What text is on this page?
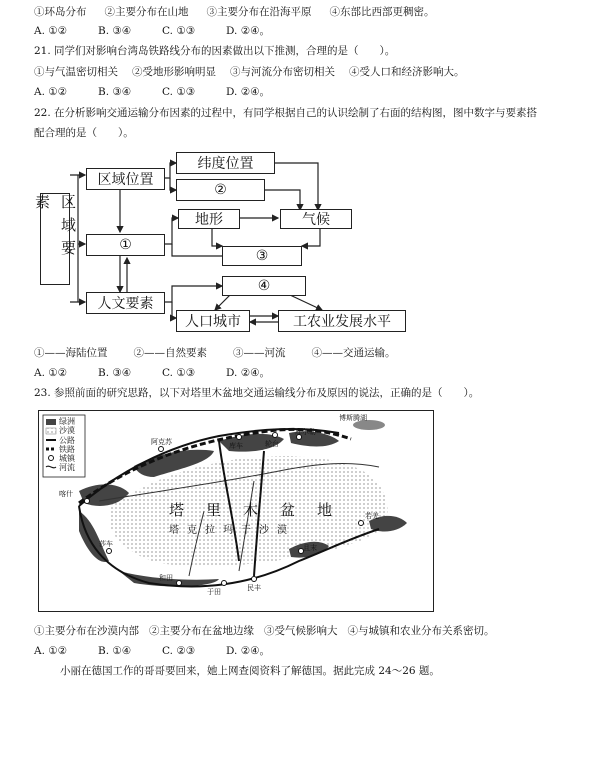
①环岛分布 ②主要分布在山地 ③主要分布在沿海平原 ④东部比西部更稠密。
A. ①②	B. ③④	C. ①③	D. ②④。
21. 同学们对影响台湾岛铁路线分布的因素做出以下推测，合理的是（　　）。
①与气温密切相关 ②受地形影响明显 ③与河流分布密切相关 ④受人口和经济影响大。
A. ①②	B. ③④	C. ①③	D. ②④。
22. 在分析影响交通运输分布因素的过程中，有同学根据自己的认识绘制了右面的结构图，图中数字与要素搭
配合理的是（　　）。
区域要素
区域位置
纬度位置
②
①
地形	气候
③
④
人文要素
人口城市	工农业发展水平
①——海陆位置 ②——自然要素 ③——河流 ④——交通运输。
A. ①②	B. ③④	C. ①③	D. ②④。
23. 参照前面的研究思路，以下对塔里木盆地交通运输线分布及原因的说法，正确的是（　　）。
绿洲
沙漠
公路
铁路
城镇
河流
塔里木盆地
塔克拉玛干沙漠
博斯腾湖
阿克苏	库车
库尔勒
轮台
喀什
莎车
和田
于田	民丰
且末
若羌
①主要分布在沙漠内部 ②主要分布在盆地边缘 ③受气候影响大 ④与城镇和农业分布关系密切。
A. ①②	B. ①④	C. ②③	D. ②④。
小丽在德国工作的哥哥要回来，她上网查阅资料了解德国。据此完成 24～26 题。
